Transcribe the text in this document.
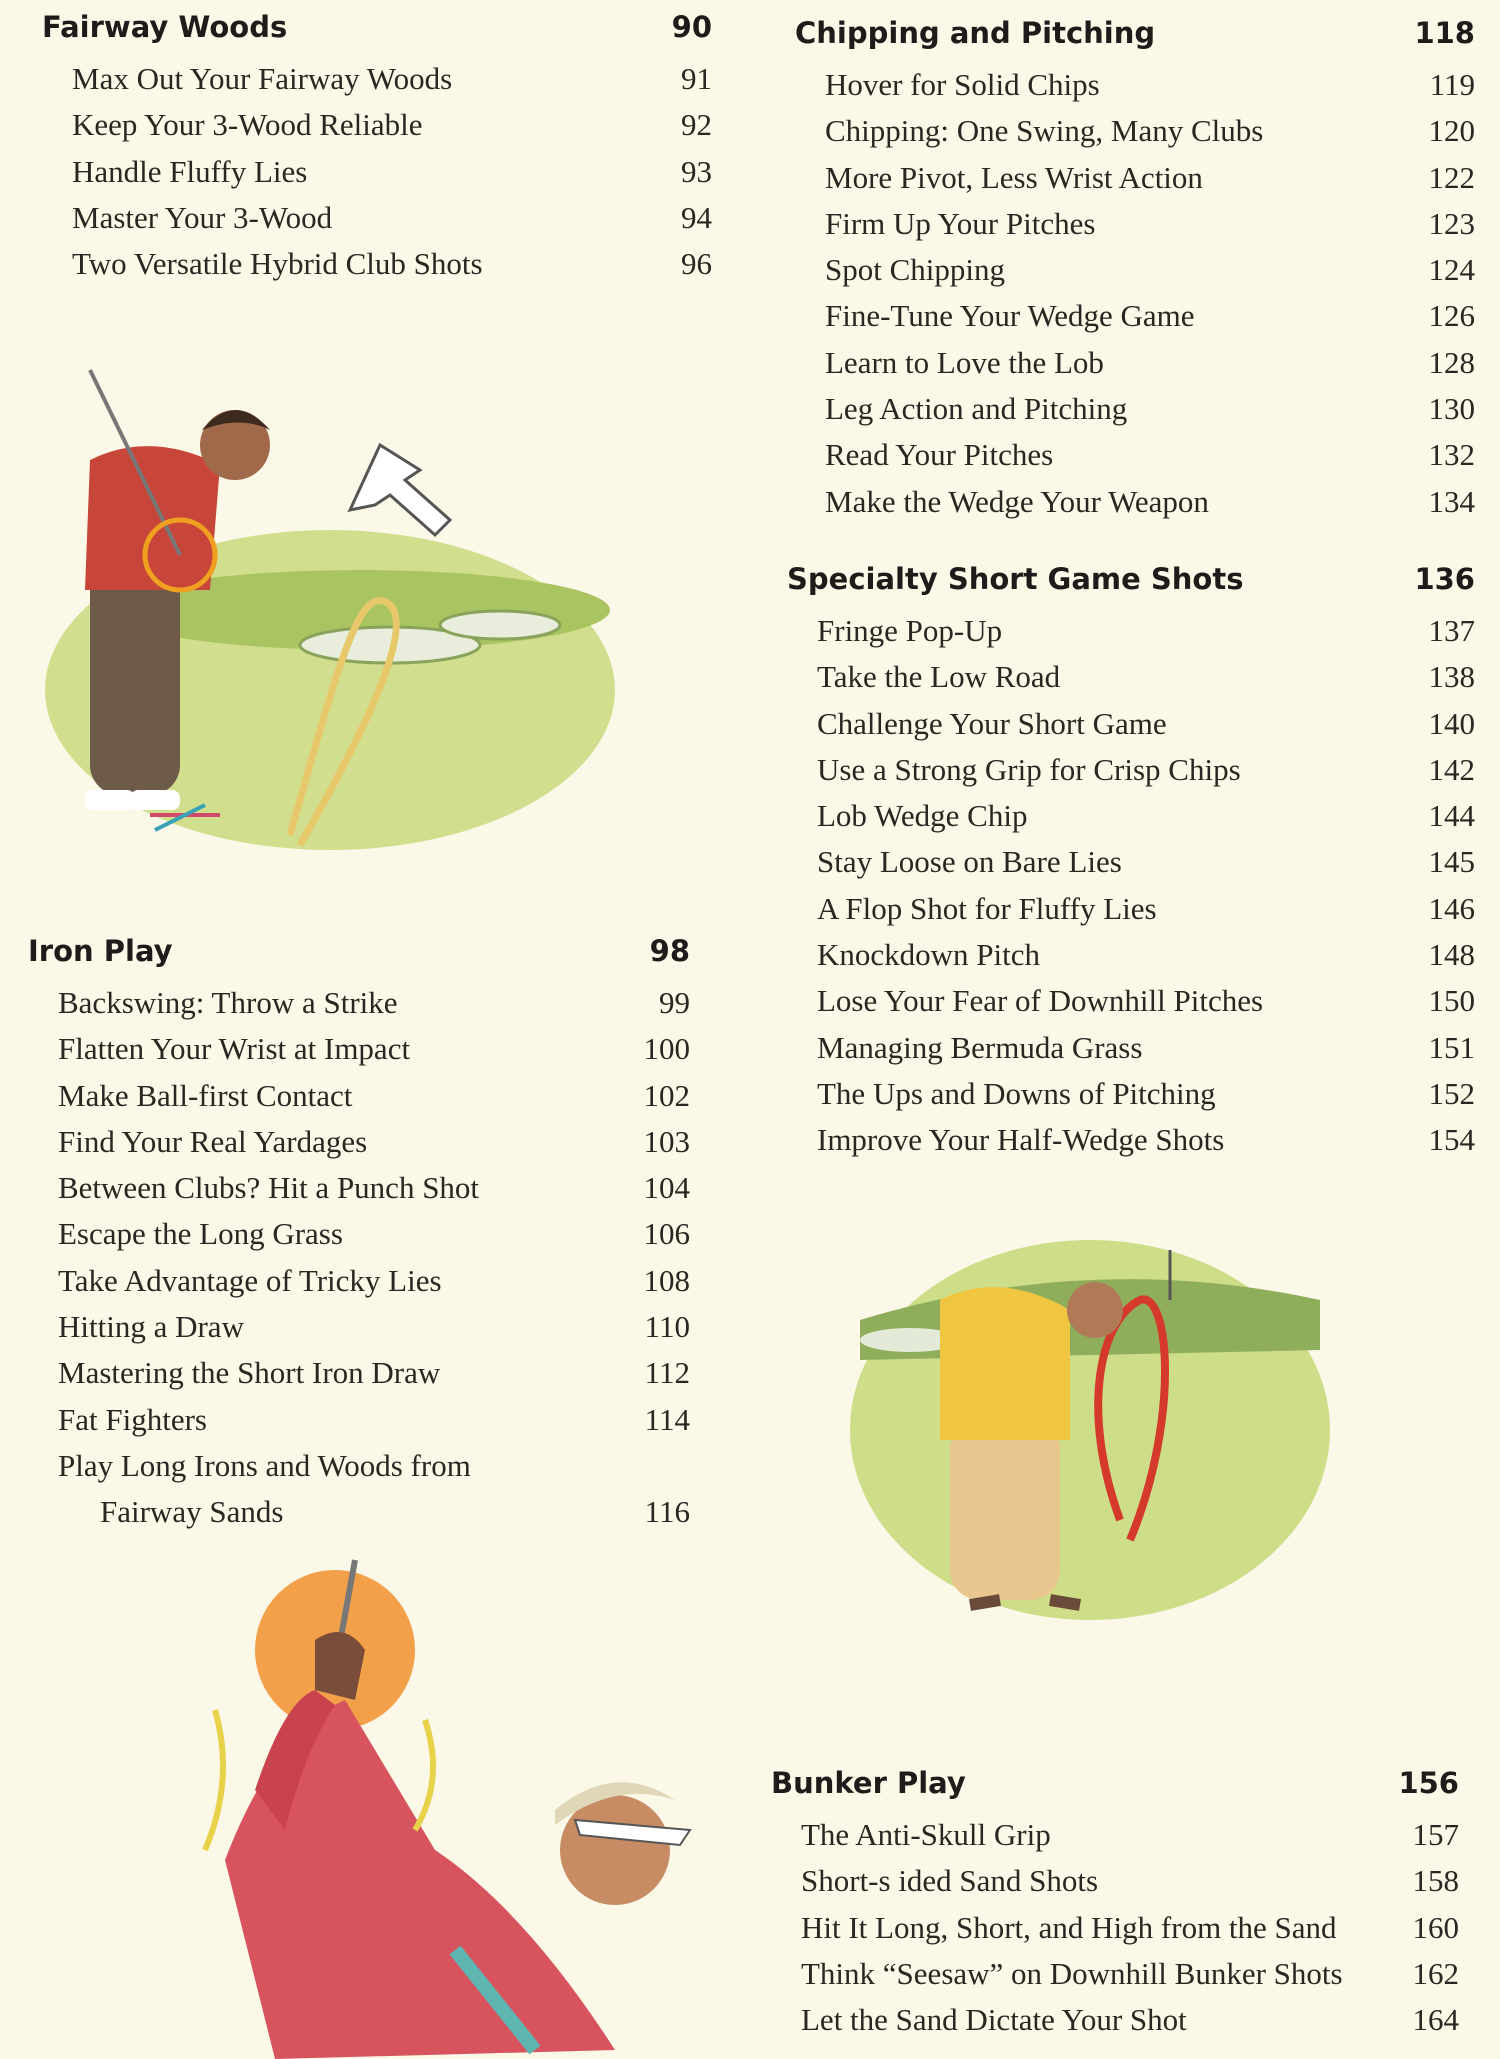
Fairway Woods	90
Max Out Your Fairway Woods	91
Keep Your 3-Wood Reliable	92
Handle Fluffy Lies	93
Master Your 3-Wood	94
Two Versatile Hybrid Club Shots	96
Iron Play	98
Backswing: Throw a Strike	99
Flatten Your Wrist at Impact	100
Make Ball-first Contact	102
Find Your Real Yardages	103
Between Clubs? Hit a Punch Shot	104
Escape the Long Grass	106
Take Advantage of Tricky Lies	108
Hitting a Draw	110
Mastering the Short Iron Draw	112
Fat Fighters	114
Play Long Irons and Woods from
Fairway Sands	116
Chipping and Pitching	118
Hover for Solid Chips	119
Chipping: One Swing, Many Clubs	120
More Pivot, Less Wrist Action	122
Firm Up Your Pitches	123
Spot Chipping	124
Fine-Tune Your Wedge Game	126
Learn to Love the Lob	128
Leg Action and Pitching	130
Read Your Pitches	132
Make the Wedge Your Weapon	134
Specialty Short Game Shots	136
Fringe Pop-Up	137
Take the Low Road	138
Challenge Your Short Game	140
Use a Strong Grip for Crisp Chips	142
Lob Wedge Chip	144
Stay Loose on Bare Lies	145
A Flop Shot for Fluffy Lies	146
Knockdown Pitch	148
Lose Your Fear of Downhill Pitches	150
Managing Bermuda Grass	151
The Ups and Downs of Pitching	152
Improve Your Half-Wedge Shots	154
Bunker Play	156
The Anti-Skull Grip	157
Short-s ided Sand Shots	158
Hit It Long, Short, and High from the Sand 160
Think “Seesaw” on Downhill Bunker Shots 162
Let the Sand Dictate Your Shot	164
